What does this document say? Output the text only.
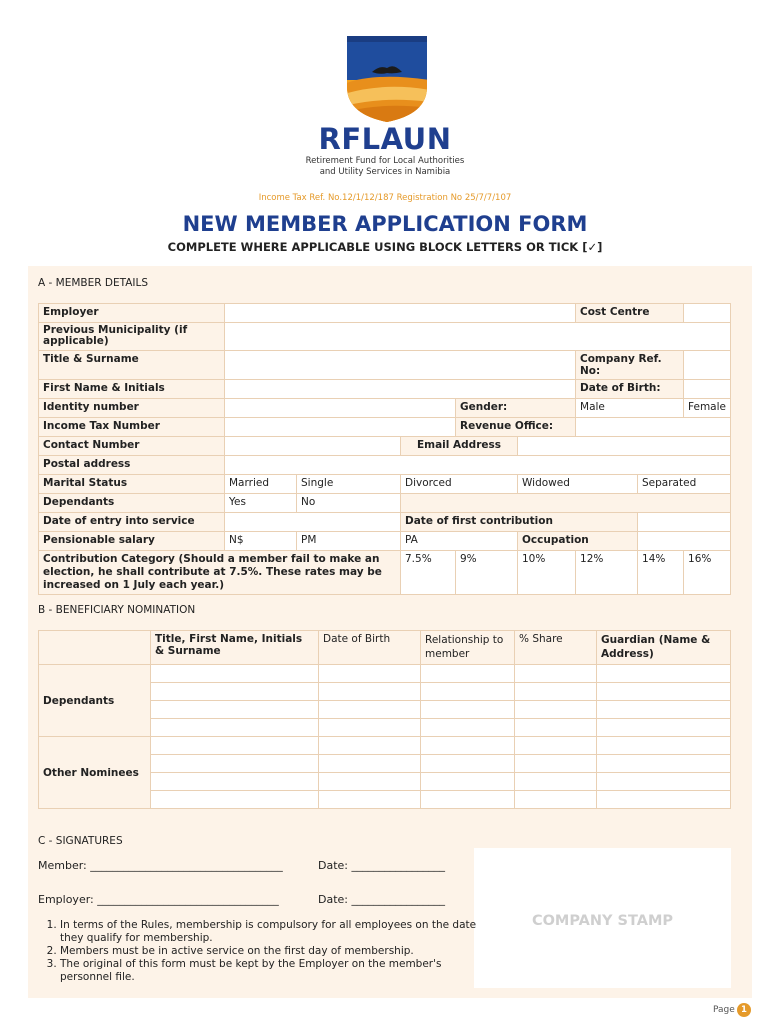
RFLAUN
Retirement Fund for Local Authorities
and Utility Services in Namibia
Income Tax Ref. No.12/1/12/187 Registration No 25/7/7/107
NEW MEMBER APPLICATION FORM
COMPLETE WHERE APPLICABLE USING BLOCK LETTERS OR TICK [✓]
A - MEMBER DETAILS
Employer						Cost Centre		
Previous Municipality (if applicable)								
Title & Surname						Company Ref. No:		
First Name & Initials						Date of Birth:		
Identity number				Gender:		Male		Female
Income Tax Number				Revenue Office:				
Contact Number			Email Address					
Postal address								
Marital Status	Married	Single	Divorced		Widowed		Separated	
Dependants	Yes	No						
Date of entry into service			Date of first contribution					
Pensionable salary	N$	PM	PA		Occupation			
Contribution Category (Should a member fail to make an election, he shall contribute at 7.5%. These rates may be increased on 1 July each year.)			7.5%	9%	10%	12%	14%	16%
B - BENEFICIARY NOMINATION
	Title, First Name, Initials & Surname	Date of Birth	Relationship to member	% Share	Guardian (Name & Address)
Dependants					

Other Nominees					

C - SIGNATURES
Member: ___________________________________	Date: _________________
Employer: _________________________________	Date: _________________
COMPANY STAMP
1. In terms of the Rules, membership is compulsory for all employees on the date they qualify for membership.
2. Members must be in active service on the first day of membership.
3. The original of this form must be kept by the Employer on the member's personnel file.
Page 1
